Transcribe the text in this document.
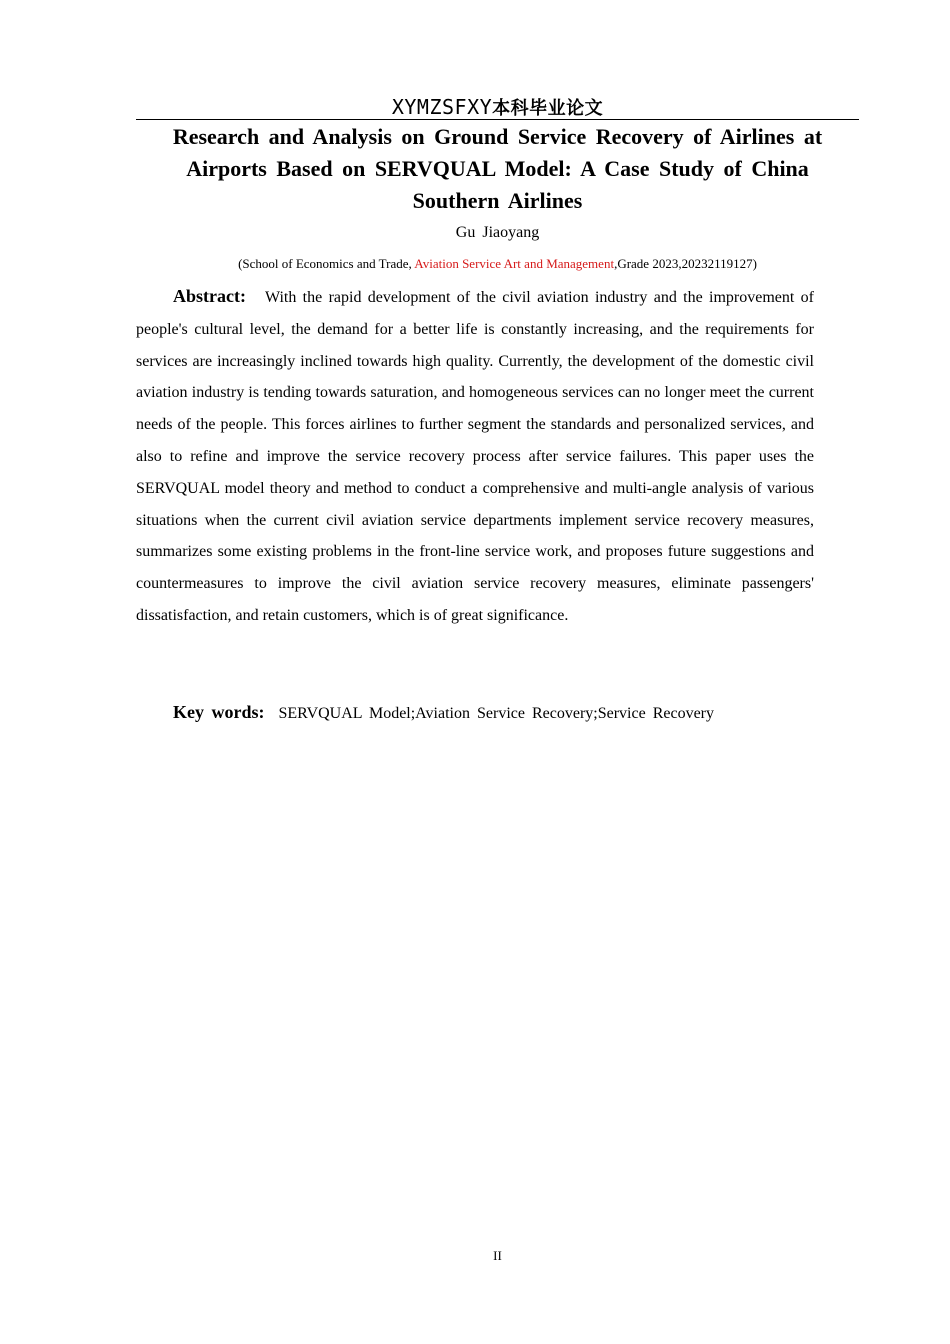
XYMZSFXY本科毕业论文
Research and Analysis on Ground Service Recovery of Airlines at Airports Based on SERVQUAL Model: A Case Study of China Southern Airlines
Gu Jiaoyang
(School of Economics and Trade, Aviation Service Art and Management,Grade 2023,20232119127)

Abstract: With the rapid development of the civil aviation industry and the improvement of people's cultural level, the demand for a better life is constantly increasing, and the requirements for services are increasingly inclined towards high quality. Currently, the development of the domestic civil aviation industry is tending towards saturation, and homogeneous services can no longer meet the current needs of the people. This forces airlines to further segment the standards and personalized services, and also to refine and improve the service recovery process after service failures. This paper uses the SERVQUAL model theory and method to conduct a comprehensive and multi-angle analysis of various situations when the current civil aviation service departments implement service recovery measures, summarizes some existing problems in the front-line service work, and proposes future suggestions and countermeasures to improve the civil aviation service recovery measures, eliminate passengers' dissatisfaction, and retain customers, which is of great significance.

Key words: SERVQUAL Model;Aviation Service Recovery;Service Recovery

II
